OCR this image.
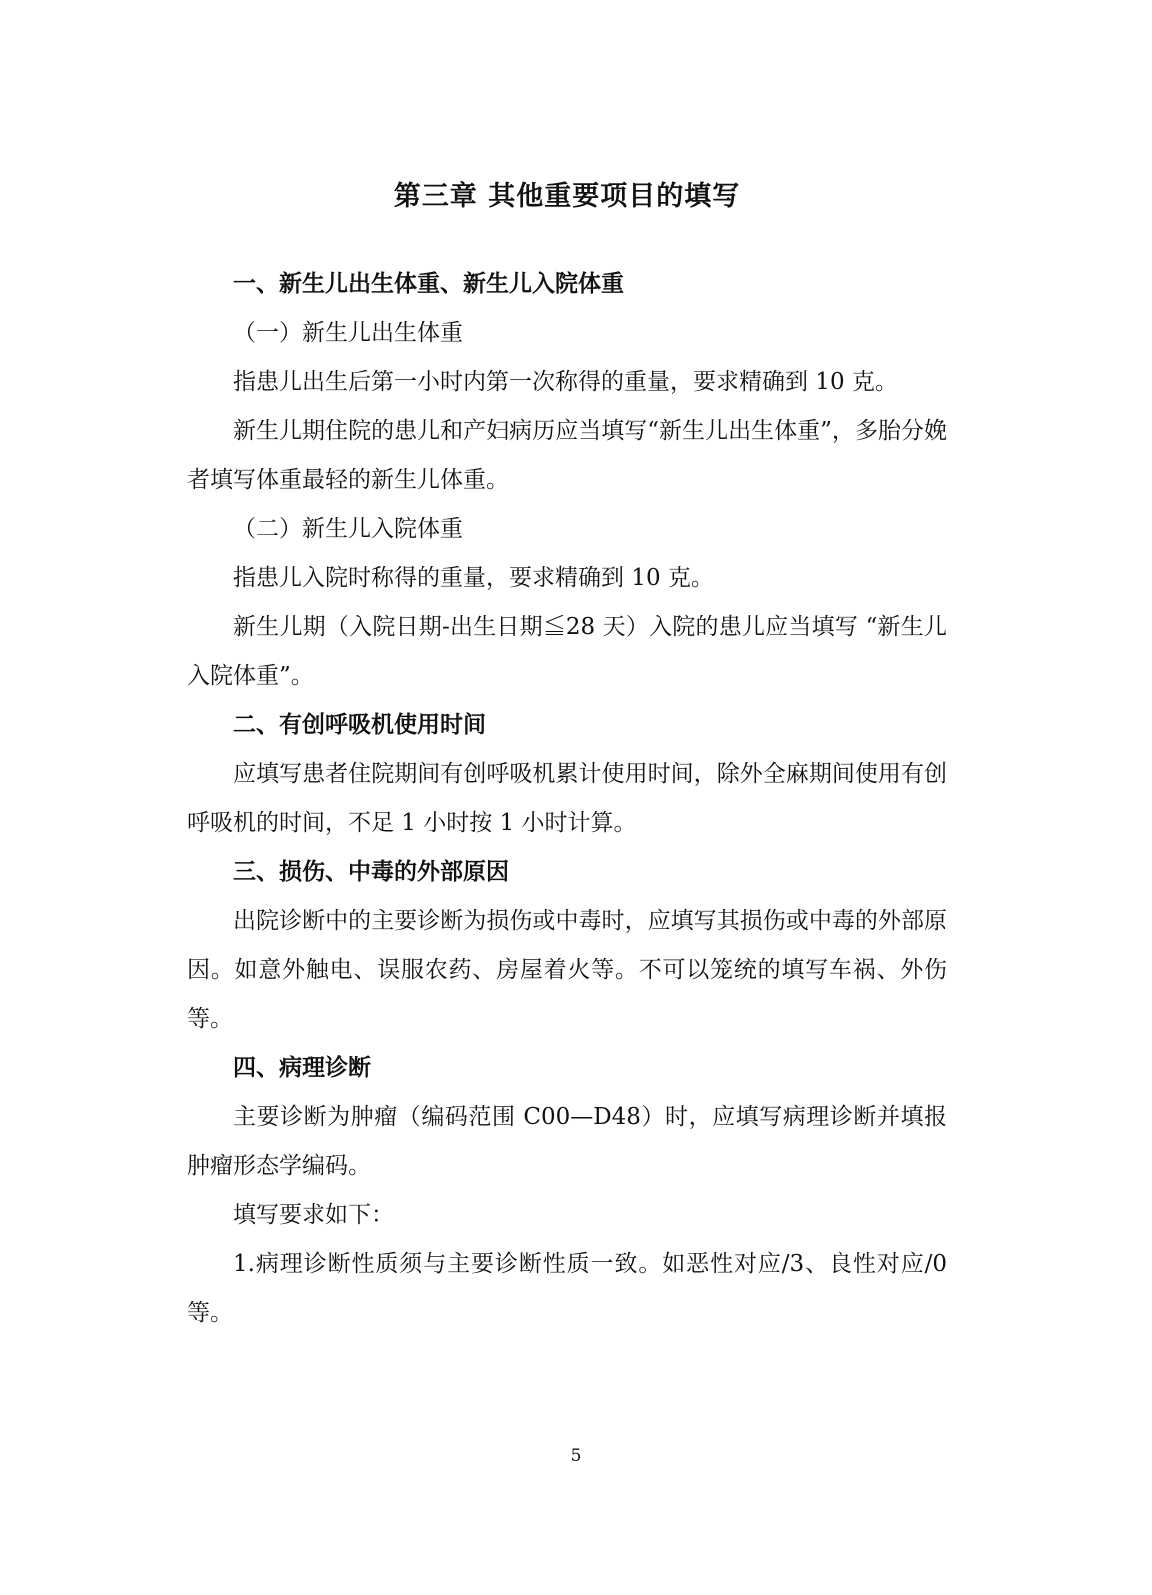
第三章 其他重要项目的填写
一、新生儿出生体重、新生儿入院体重

（一）新生儿出生体重

指患儿出生后第一小时内第一次称得的重量，要求精确到 10 克。

新生儿期住院的患儿和产妇病历应当填写“新生儿出生体重”，多胎分娩者填写体重最轻的新生儿体重。

（二）新生儿入院体重

指患儿入院时称得的重量，要求精确到 10 克。

新生儿期（入院日期-出生日期≦28 天）入院的患儿应当填写 “新生儿入院体重”。

二、有创呼吸机使用时间

应填写患者住院期间有创呼吸机累计使用时间，除外全麻期间使用有创呼吸机的时间，不足 1 小时按 1 小时计算。

三、损伤、中毒的外部原因

出院诊断中的主要诊断为损伤或中毒时，应填写其损伤或中毒的外部原因。如意外触电、误服农药、房屋着火等。不可以笼统的填写车祸、外伤等。

四、病理诊断

主要诊断为肿瘤（编码范围 C00—D48）时，应填写病理诊断并填报肿瘤形态学编码。

填写要求如下：

1.病理诊断性质须与主要诊断性质一致。如恶性对应/3、良性对应/0 等。

5
